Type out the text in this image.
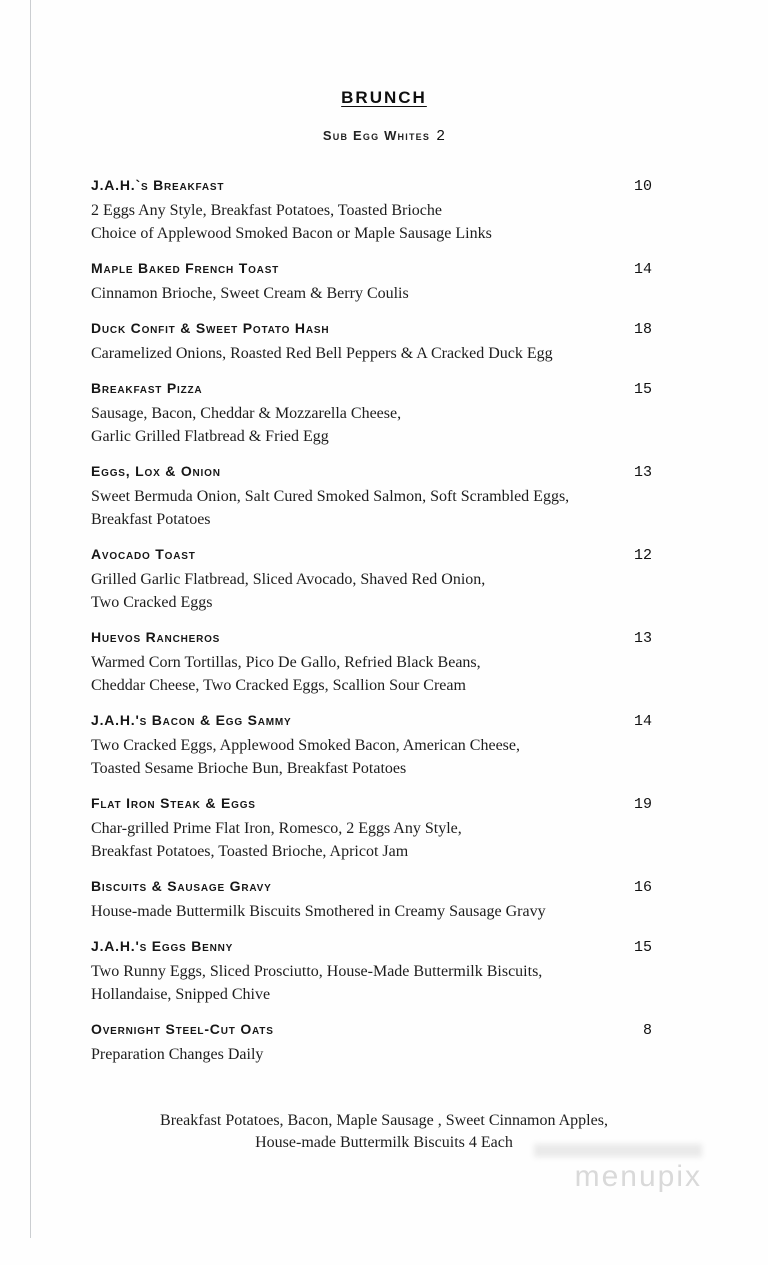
BRUNCH
Sub Egg Whites 2
J.A.H.`s Breakfast	10
2 Eggs Any Style, Breakfast Potatoes, Toasted Brioche
Choice of Applewood Smoked Bacon or Maple Sausage Links
Maple Baked French Toast	14
Cinnamon Brioche, Sweet Cream & Berry Coulis
Duck Confit & Sweet Potato Hash	18
Caramelized Onions, Roasted Red Bell Peppers & A Cracked Duck Egg
Breakfast Pizza	15
Sausage, Bacon, Cheddar & Mozzarella Cheese,
Garlic Grilled Flatbread & Fried Egg
Eggs, Lox & Onion	13
Sweet Bermuda Onion, Salt Cured Smoked Salmon, Soft Scrambled Eggs,
Breakfast Potatoes
Avocado Toast	12
Grilled Garlic Flatbread, Sliced Avocado, Shaved Red Onion,
Two Cracked Eggs
Huevos Rancheros	13
Warmed Corn Tortillas, Pico De Gallo, Refried Black Beans,
Cheddar Cheese, Two Cracked Eggs, Scallion Sour Cream
J.A.H.'s Bacon & Egg Sammy	14
Two Cracked Eggs, Applewood Smoked Bacon, American Cheese,
Toasted Sesame Brioche Bun, Breakfast Potatoes
Flat Iron Steak & Eggs	19
Char-grilled Prime Flat Iron, Romesco, 2 Eggs Any Style,
Breakfast Potatoes, Toasted Brioche, Apricot Jam
Biscuits & Sausage Gravy	16
House-made Buttermilk Biscuits Smothered in Creamy Sausage Gravy
J.A.H.'s Eggs Benny	15
Two Runny Eggs, Sliced Prosciutto, House-Made Buttermilk Biscuits,
Hollandaise, Snipped Chive
Overnight Steel-Cut Oats	8
Preparation Changes Daily
Breakfast Potatoes, Bacon, Maple Sausage , Sweet Cinnamon Apples,
House-made Buttermilk Biscuits 4 Each
menupix
